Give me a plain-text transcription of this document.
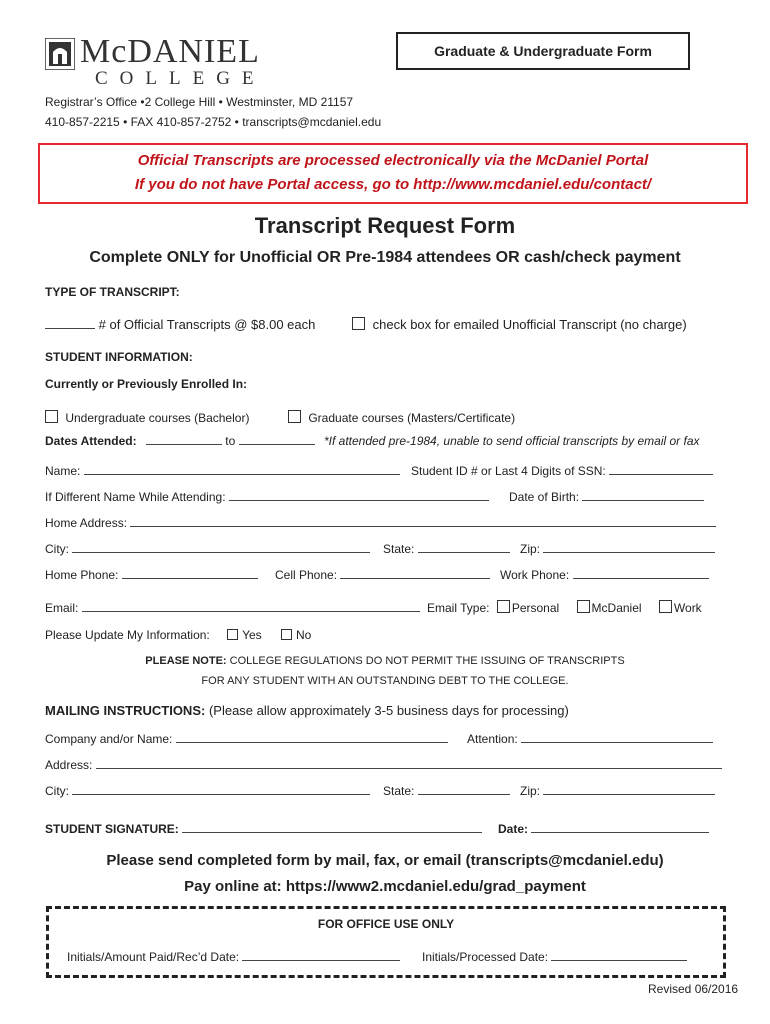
McDANIEL
COLLEGE
Graduate & Undergraduate Form
Registrar’s Office •2 College Hill • Westminster, MD 21157
410-857-2215 • FAX 410-857-2752 • transcripts@mcdaniel.edu
Official Transcripts are processed electronically via the McDaniel Portal
If you do not have Portal access, go to http://www.mcdaniel.edu/contact/
Transcript Request Form
Complete ONLY for Unofficial OR Pre-1984 attendees OR cash/check payment
TYPE OF TRANSCRIPT:
# of Official Transcripts @ $8.00 each	check box for emailed Unofficial Transcript (no charge)
STUDENT INFORMATION:
Currently or Previously Enrolled In:
Undergraduate courses (Bachelor)	Graduate courses (Masters/Certificate)
Dates Attended:	to	*If attended pre-1984, unable to send official transcripts by email or fax
Name:	Student ID # or Last 4 Digits of SSN:
If Different Name While Attending:	Date of Birth:
Home Address:
City:	State:	Zip:
Home Phone:	Cell Phone:	Work Phone:
Email:	Email Type: Personal	McDaniel	Work
Please Update My Information:	Yes	No
PLEASE NOTE: COLLEGE REGULATIONS DO NOT PERMIT THE ISSUING OF TRANSCRIPTS
FOR ANY STUDENT WITH AN OUTSTANDING DEBT TO THE COLLEGE.
MAILING INSTRUCTIONS: (Please allow approximately 3-5 business days for processing)
Company and/or Name:	Attention:
Address:
City:	State:	Zip:
STUDENT SIGNATURE:	Date:
Please send completed form by mail, fax, or email (transcripts@mcdaniel.edu)
Pay online at: https://www2.mcdaniel.edu/grad_payment
FOR OFFICE USE ONLY
Initials/Amount Paid/Rec’d Date:	Initials/Processed Date:
Revised 06/2016
